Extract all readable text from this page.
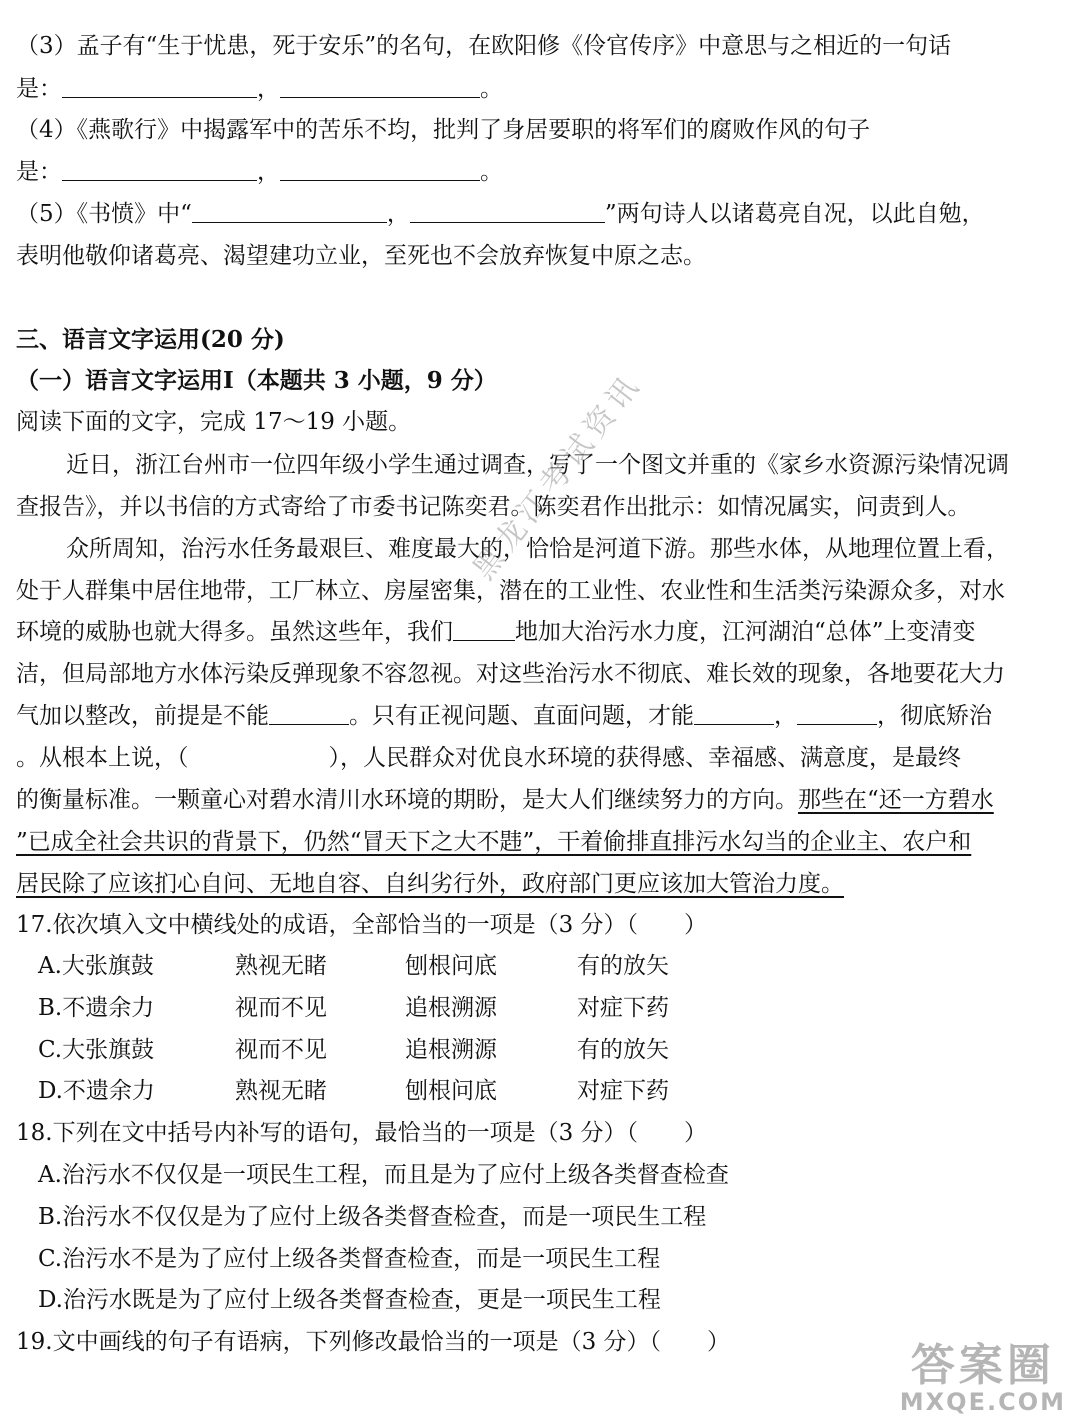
（3）孟子有“生于忧患，死于安乐”的名句，在欧阳修《伶官传序》中意思与之相近的一句话
是：	，	。
（4）《燕歌行》中揭露军中的苦乐不均，批判了身居要职的将军们的腐败作风的句子
是：	，	。
（5）《书愤》中“	，	”两句诗人以诸葛亮自况，以此自勉，
表明他敬仰诸葛亮、渴望建功立业，至死也不会放弃恢复中原之志。
三、语言文字运用(20 分)
（一）语言文字运用Ⅰ（本题共 3 小题，9 分）
阅读下面的文字，完成 17～19 小题。
近日，浙江台州市一位四年级小学生通过调查，写了一个图文并重的《家乡水资源污染情况调
查报告》，并以书信的方式寄给了市委书记陈奕君。陈奕君作出批示：如情况属实，问责到人。
众所周知，治污水任务最艰巨、难度最大的，恰恰是河道下游。那些水体，从地理位置上看，
处于人群集中居住地带，工厂林立、房屋密集，潜在的工业性、农业性和生活类污染源众多，对水
环境的威胁也就大得多。虽然这些年，我们	地加大治污水力度，江河湖泊“总体”上变清变
洁，但局部地方水体污染反弹现象不容忽视。对这些治污水不彻底、难长效的现象，各地要花大力
气加以整改，前提是不能	。只有正视问题、直面问题，才能	，	，彻底矫治
。从根本上说，（	），人民群众对优良水环境的获得感、幸福感、满意度，是最终
的衡量标准。一颗童心对碧水清川水环境的期盼，是大人们继续努力的方向。那些在“还一方碧水
”已成全社会共识的背景下，仍然“冒天下之大不韪”，干着偷排直排污水勾当的企业主、农户和
居民除了应该扪心自问、无地自容、自纠劣行外，政府部门更应该加大管治力度。
17.依次填入文中横线处的成语，全部恰当的一项是（3 分）（　　）
A.大张旗鼓	熟视无睹	刨根问底	有的放矢
B.不遗余力	视而不见	追根溯源	对症下药
C.大张旗鼓	视而不见	追根溯源	有的放矢
D.不遗余力	熟视无睹	刨根问底	对症下药
18.下列在文中括号内补写的语句，最恰当的一项是（3 分）（　　）
A.治污水不仅仅是一项民生工程，而且是为了应付上级各类督查检查
B.治污水不仅仅是为了应付上级各类督查检查，而是一项民生工程
C.治污水不是为了应付上级各类督查检查，而是一项民生工程
D.治污水既是为了应付上级各类督查检查，更是一项民生工程
19.文中画线的句子有语病，下列修改最恰当的一项是（3 分）（　　）
黑龙江考试资讯
答案圈
MXQE.COM
